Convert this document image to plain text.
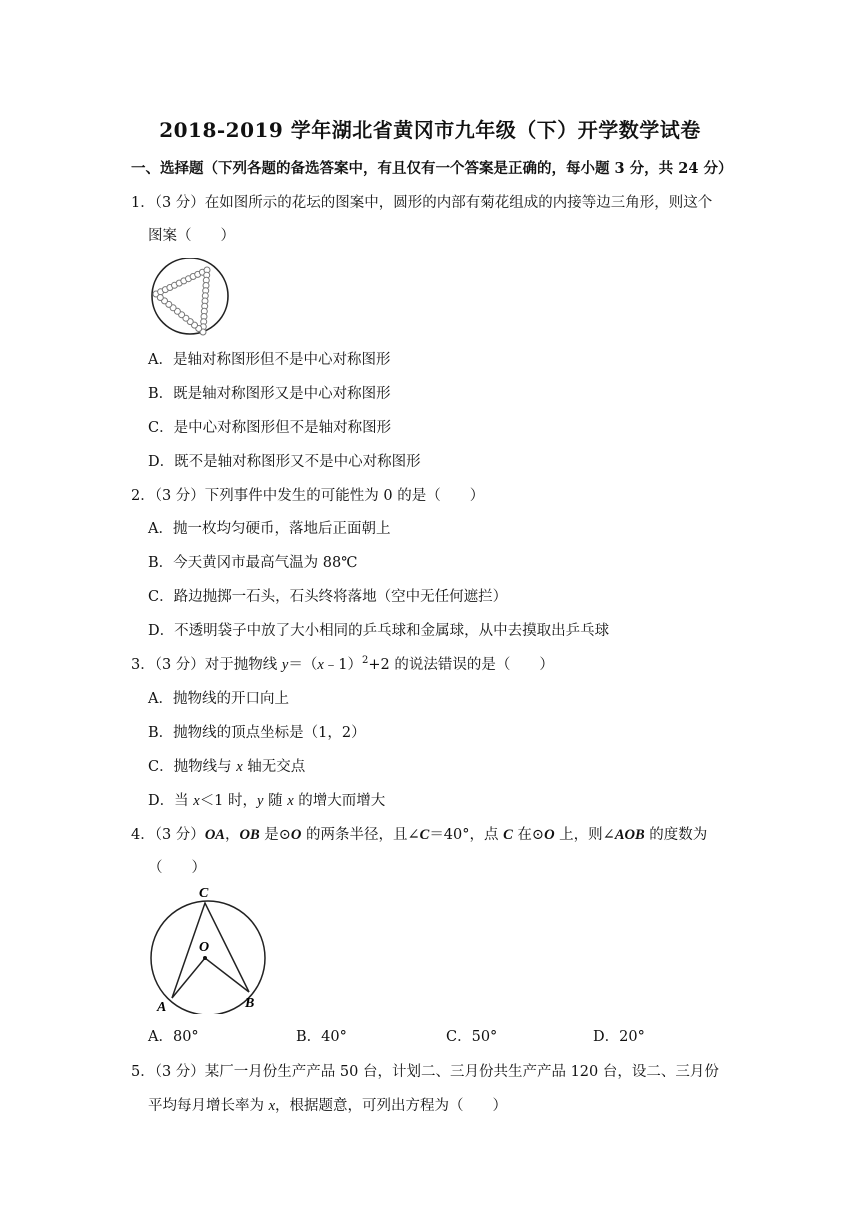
2018-2019 学年湖北省黄冈市九年级（下）开学数学试卷
一、选择题（下列各题的备选答案中，有且仅有一个答案是正确的，每小题 3 分，共 24 分）
1．（3 分）在如图所示的花坛的图案中，圆形的内部有菊花组成的内接等边三角形，则这个
图案（　　）
A．是轴对称图形但不是中心对称图形
B．既是轴对称图形又是中心对称图形
C．是中心对称图形但不是轴对称图形
D．既不是轴对称图形又不是中心对称图形
2．（3 分）下列事件中发生的可能性为 0 的是（　　）
A．抛一枚均匀硬币，落地后正面朝上
B．今天黄冈市最高气温为 88℃
C．路边抛掷一石头，石头终将落地（空中无任何遮拦）
D．不透明袋子中放了大小相同的乒乓球和金属球，从中去摸取出乒乓球
3．（3 分）对于抛物线 y＝（x﹣1）$^2$+2 的说法错误的是（　　）
A．抛物线的开口向上
B．抛物线的顶点坐标是（1，2）
C．抛物线与 x 轴无交点
D．当 x＜1 时，y 随 x 的增大而增大
4．（3 分）OA，OB 是⊙O 的两条半径，且∠C＝40°，点 C 在⊙O 上，则∠AOB 的度数为
（　　）
C
O
A	B
A．80°	B．40°	C．50°	D．20°
5．（3 分）某厂一月份生产产品 50 台，计划二、三月份共生产产品 120 台，设二、三月份
平均每月增长率为 x，根据题意，可列出方程为（　　）
